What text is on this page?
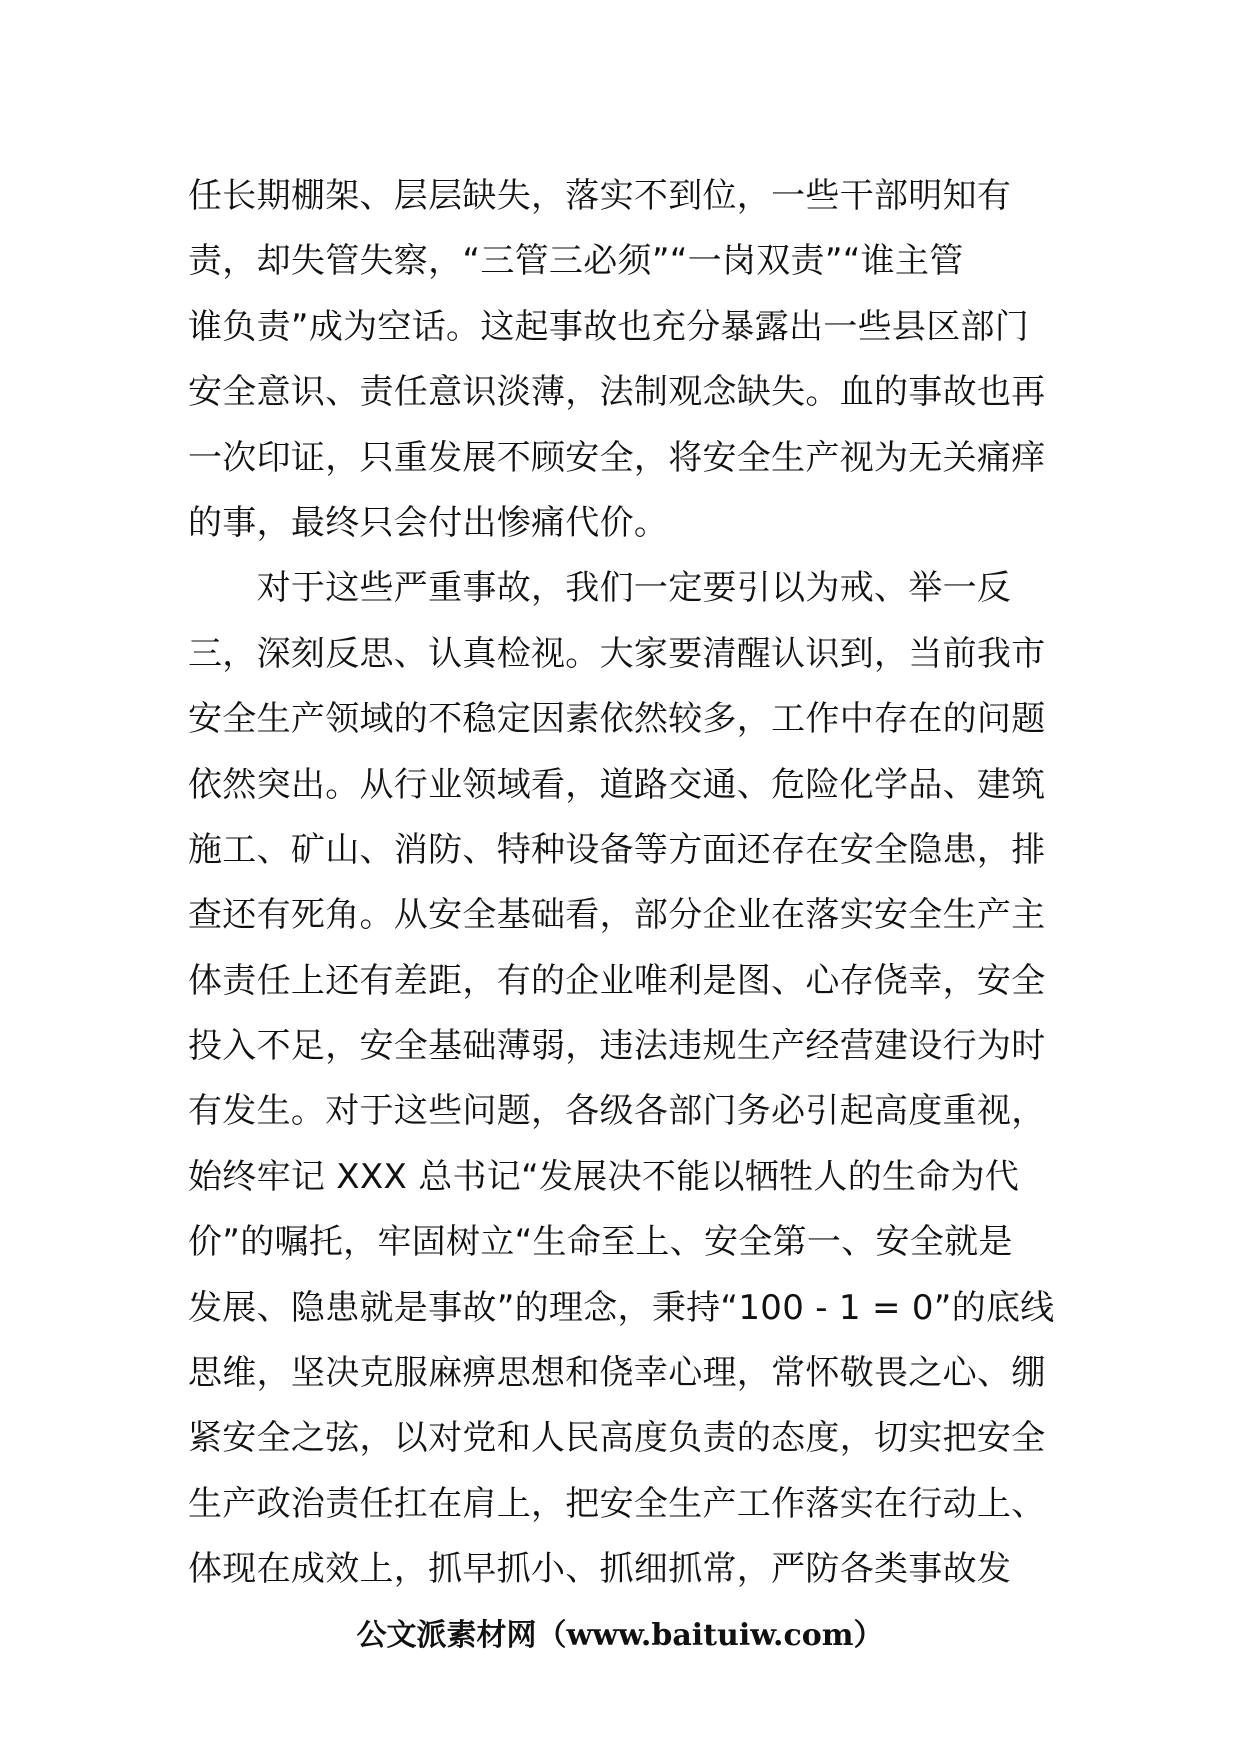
任长期棚架、层层缺失，落实不到位，一些干部明知有
责，却失管失察，“三管三必须”“一岗双责”“谁主管
谁负责”成为空话。这起事故也充分暴露出一些县区部门
安全意识、责任意识淡薄，法制观念缺失。血的事故也再
一次印证，只重发展不顾安全，将安全生产视为无关痛痒
的事，最终只会付出惨痛代价。
　　对于这些严重事故，我们一定要引以为戒、举一反
三，深刻反思、认真检视。大家要清醒认识到，当前我市
安全生产领域的不稳定因素依然较多，工作中存在的问题
依然突出。从行业领域看，道路交通、危险化学品、建筑
施工、矿山、消防、特种设备等方面还存在安全隐患，排
查还有死角。从安全基础看，部分企业在落实安全生产主
体责任上还有差距，有的企业唯利是图、心存侥幸，安全
投入不足，安全基础薄弱，违法违规生产经营建设行为时
有发生。对于这些问题，各级各部门务必引起高度重视，
始终牢记 XXX 总书记“发展决不能以牺牲人的生命为代
价”的嘱托，牢固树立“生命至上、安全第一、安全就是
发展、隐患就是事故”的理念，秉持“100 - 1 = 0”的底线
思维，坚决克服麻痹思想和侥幸心理，常怀敬畏之心、绷
紧安全之弦，以对党和人民高度负责的态度，切实把安全
生产政治责任扛在肩上，把安全生产工作落实在行动上、
体现在成效上，抓早抓小、抓细抓常，严防各类事故发
公文派素材网（www.baituiw.com）
